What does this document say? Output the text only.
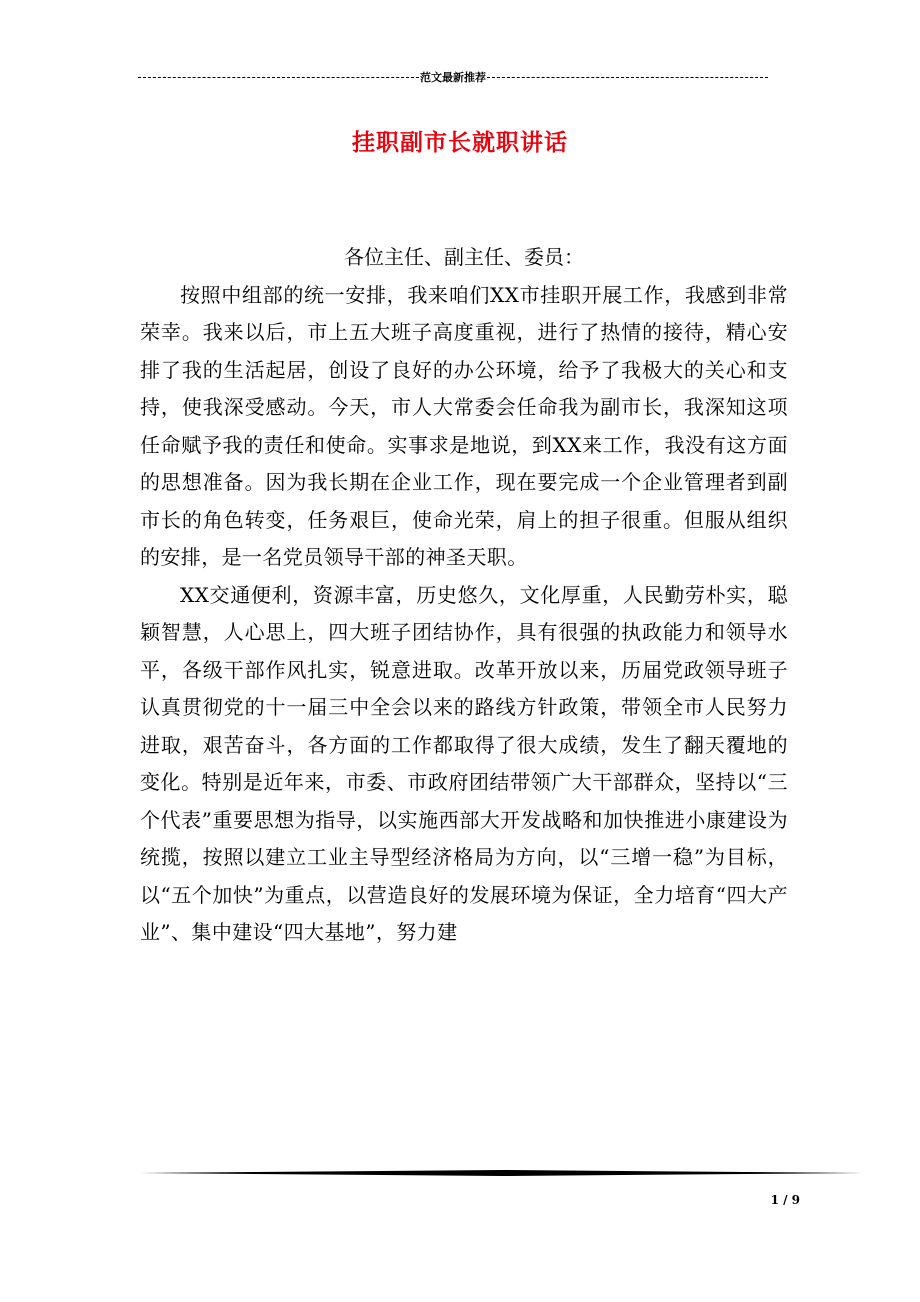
范文最新推荐
挂职副市长就职讲话

各位主任、副主任、委员：

按照中组部的统一安排，我来咱们XX市挂职开展工作，我感到非常荣幸。我来以后，市上五大班子高度重视，进行了热情的接待，精心安排了我的生活起居，创设了良好的办公环境，给予了我极大的关心和支持，使我深受感动。今天，市人大常委会任命我为副市长，我深知这项任命赋予我的责任和使命。实事求是地说，到XX来工作，我没有这方面的思想准备。因为我长期在企业工作，现在要完成一个企业管理者到副市长的角色转变，任务艰巨，使命光荣，肩上的担子很重。但服从组织的安排，是一名党员领导干部的神圣天职。

XX交通便利，资源丰富，历史悠久，文化厚重，人民勤劳朴实，聪颖智慧，人心思上，四大班子团结协作，具有很强的执政能力和领导水平，各级干部作风扎实，锐意进取。改革开放以来，历届党政领导班子认真贯彻党的十一届三中全会以来的路线方针政策，带领全市人民努力进取，艰苦奋斗，各方面的工作都取得了很大成绩，发生了翻天覆地的变化。特别是近年来，市委、市政府团结带领广大干部群众，坚持以“三个代表”重要思想为指导，以实施西部大开发战略和加快推进小康建设为统揽，按照以建立工业主导型经济格局为方向，以“三增一稳”为目标，以“五个加快”为重点，以营造良好的发展环境为保证，全力培育“四大产业”、集中建设“四大基地”，努力建

1 / 9
